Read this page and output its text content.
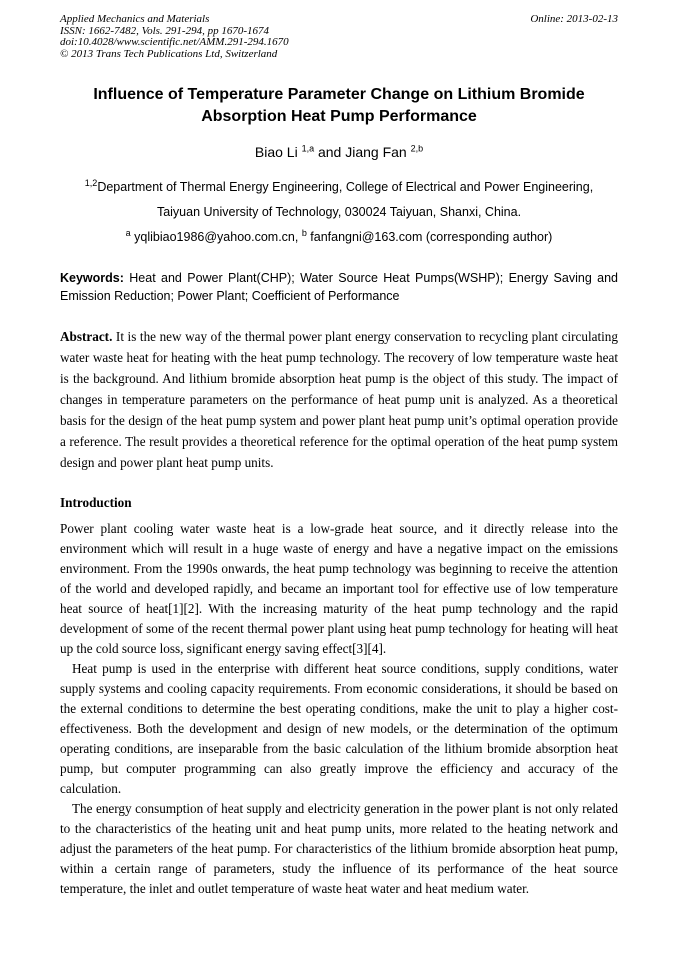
Applied Mechanics and Materials
ISSN: 1662-7482, Vols. 291-294, pp 1670-1674
doi:10.4028/www.scientific.net/AMM.291-294.1670
© 2013 Trans Tech Publications Ltd, Switzerland
Online: 2013-02-13
Influence of Temperature Parameter Change on Lithium Bromide Absorption Heat Pump Performance
Biao Li $^{1,a}$ and Jiang Fan $^{2,b}$
$^{1,2}$Department of Thermal Energy Engineering, College of Electrical and Power Engineering,
Taiyuan University of Technology, 030024 Taiyuan, Shanxi, China.
$^a$ yqlibiao1986@yahoo.com.cn, $^b$ fanfangni@163.com (corresponding author)

Keywords: Heat and Power Plant(CHP); Water Source Heat Pumps(WSHP); Energy Saving and Emission Reduction; Power Plant; Coefficient of Performance

Abstract. It is the new way of the thermal power plant energy conservation to recycling plant circulating water waste heat for heating with the heat pump technology. The recovery of low temperature waste heat is the background. And lithium bromide absorption heat pump is the object of this study. The impact of changes in temperature parameters on the performance of heat pump unit is analyzed. As a theoretical basis for the design of the heat pump system and power plant heat pump unit’s optimal operation provide a reference. The result provides a theoretical reference for the optimal operation of the heat pump system design and power plant heat pump units.

Introduction

Power plant cooling water waste heat is a low-grade heat source, and it directly release into the environment which will result in a huge waste of energy and have a negative impact on the emissions environment. From the 1990s onwards, the heat pump technology was beginning to receive the attention of the world and developed rapidly, and became an important tool for effective use of low temperature heat source of heat[1][2]. With the increasing maturity of the heat pump technology and the rapid development of some of the recent thermal power plant using heat pump technology for heating will heat up the cold source loss, significant energy saving effect[3][4].

Heat pump is used in the enterprise with different heat source conditions, supply conditions, water supply systems and cooling capacity requirements. From economic considerations, it should be based on the external conditions to determine the best operating conditions, make the unit to play a higher cost-effectiveness. Both the development and design of new models, or the determination of the optimum operating conditions, are inseparable from the basic calculation of the lithium bromide absorption heat pump, but computer programming can also greatly improve the efficiency and accuracy of the calculation.

The energy consumption of heat supply and electricity generation in the power plant is not only related to the characteristics of the heating unit and heat pump units, more related to the heating network and adjust the parameters of the heat pump. For characteristics of the lithium bromide absorption heat pump, within a certain range of parameters, study the influence of its performance of the heat source temperature, the inlet and outlet temperature of waste heat water and heat medium water.
